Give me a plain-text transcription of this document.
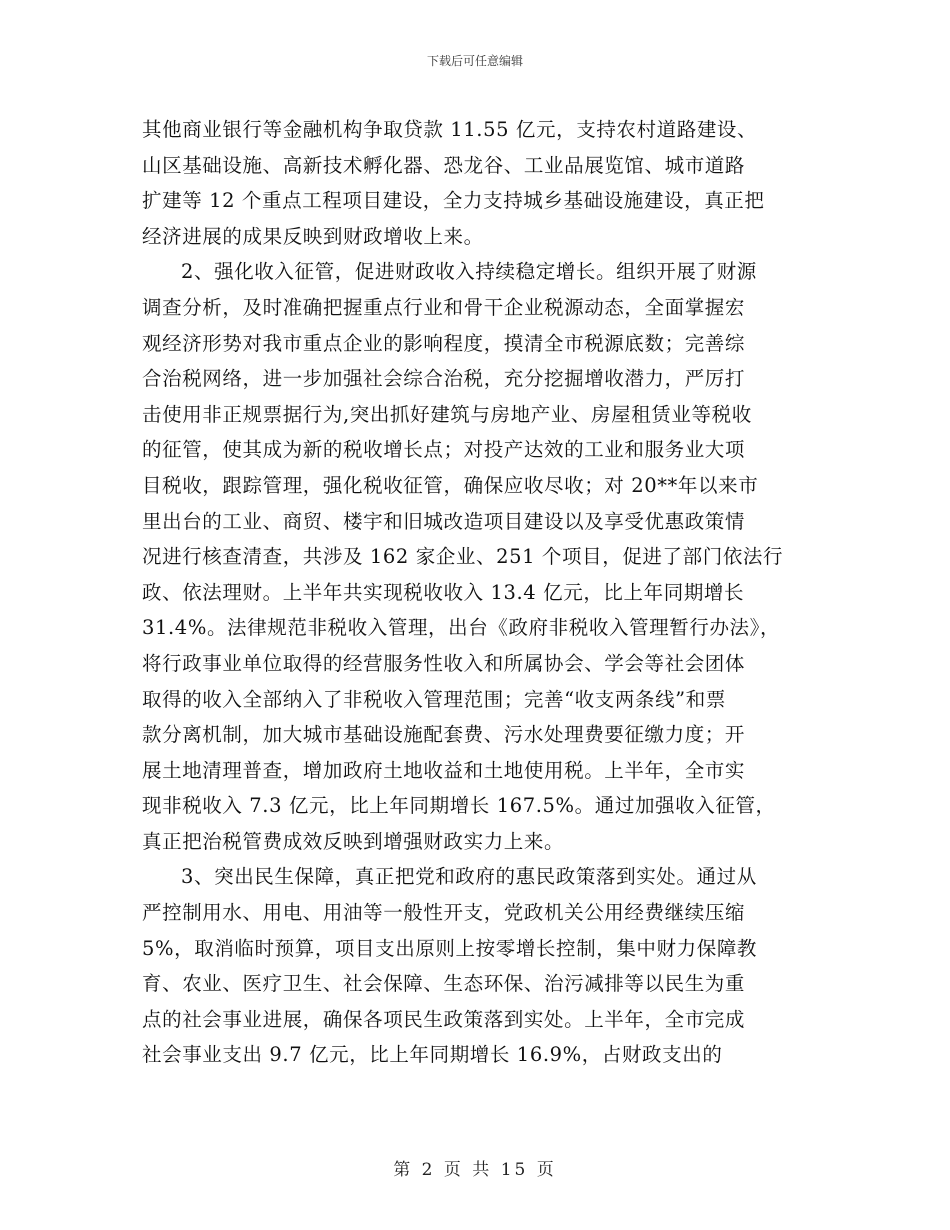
下载后可任意编辑
其他商业银行等金融机构争取贷款 11.55 亿元，支持农村道路建设、
山区基础设施、高新技术孵化器、恐龙谷、工业品展览馆、城市道路
扩建等 12 个重点工程项目建设，全力支持城乡基础设施建设，真正把
经济进展的成果反映到财政增收上来。
2、强化收入征管，促进财政收入持续稳定增长。组织开展了财源
调查分析，及时准确把握重点行业和骨干企业税源动态，全面掌握宏
观经济形势对我市重点企业的影响程度，摸清全市税源底数；完善综
合治税网络，进一步加强社会综合治税，充分挖掘增收潜力，严厉打
击使用非正规票据行为,突出抓好建筑与房地产业、房屋租赁业等税收
的征管，使其成为新的税收增长点；对投产达效的工业和服务业大项
目税收，跟踪管理，强化税收征管，确保应收尽收；对 20**年以来市
里出台的工业、商贸、楼宇和旧城改造项目建设以及享受优惠政策情
况进行核查清查，共涉及 162 家企业、251 个项目，促进了部门依法行
政、依法理财。上半年共实现税收收入 13.4 亿元，比上年同期增长
31.4%。法律规范非税收入管理，出台《政府非税收入管理暂行办法》，
将行政事业单位取得的经营服务性收入和所属协会、学会等社会团体
取得的收入全部纳入了非税收入管理范围；完善“收支两条线”和票
款分离机制，加大城市基础设施配套费、污水处理费要征缴力度；开
展土地清理普查，增加政府土地收益和土地使用税。上半年，全市实
现非税收入 7.3 亿元，比上年同期增长 167.5%。通过加强收入征管，
真正把治税管费成效反映到增强财政实力上来。
3、突出民生保障，真正把党和政府的惠民政策落到实处。通过从
严控制用水、用电、用油等一般性开支，党政机关公用经费继续压缩
5%，取消临时预算，项目支出原则上按零增长控制，集中财力保障教
育、农业、医疗卫生、社会保障、生态环保、治污减排等以民生为重
点的社会事业进展，确保各项民生政策落到实处。上半年，全市完成
社会事业支出 9.7 亿元，比上年同期增长 16.9%，占财政支出的
第 2 页 共 15 页
